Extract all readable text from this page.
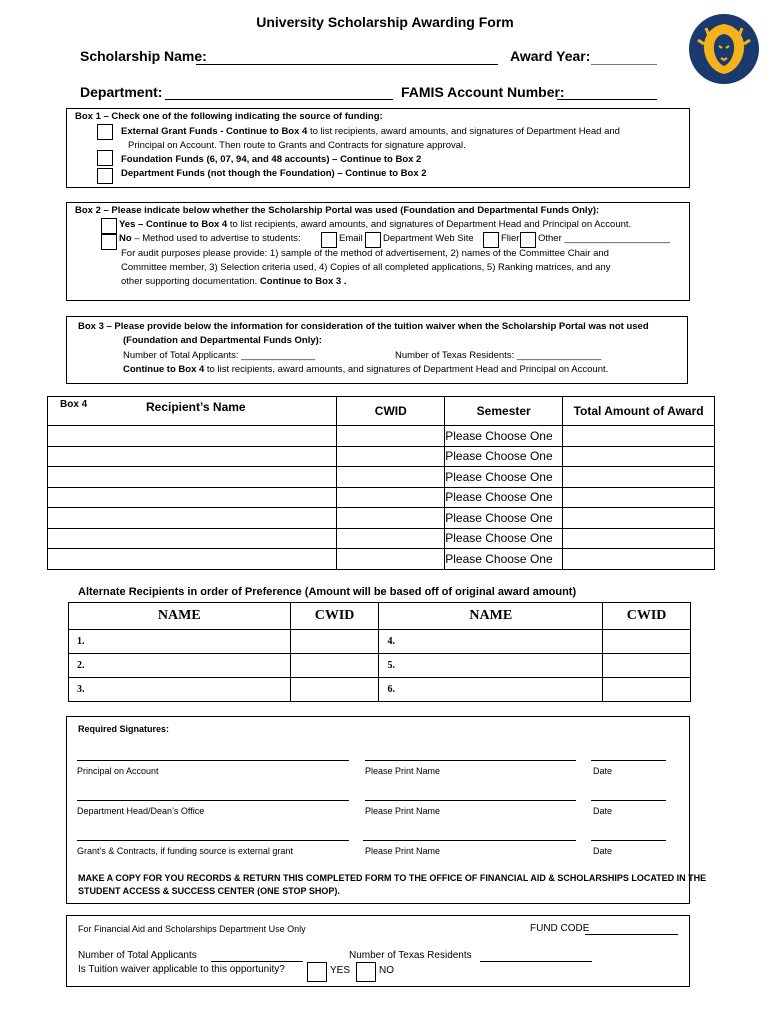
University Scholarship Awarding Form
Scholarship Name:	Award Year:
Department:	FAMIS Account Number:
Box 1 – Check one of the following indicating the source of funding:
External Grant Funds - Continue to Box 4 to list recipients, award amounts, and signatures of Department Head and
Principal on Account. Then route to Grants and Contracts for signature approval.
Foundation Funds (6, 07, 94, and 48 accounts) – Continue to Box 2
Department Funds (not though the Foundation) – Continue to Box 2
Box 2 – Please indicate below whether the Scholarship Portal was used (Foundation and Departmental Funds Only):
Yes – Continue to Box 4 to list recipients, award amounts, and signatures of Department Head and Principal on Account.
No – Method used to advertise to students:	Email Department Web Site	Flier Other ____________________
For audit purposes please provide: 1) sample of the method of advertisement, 2) names of the Committee Chair and
Committee member, 3) Selection criteria used, 4) Copies of all completed applications, 5) Ranking matrices, and any
other supporting documentation. Continue to Box 3 .
Box 3 – Please provide below the information for consideration of the tuition waiver when the Scholarship Portal was not used
(Foundation and Departmental Funds Only):
Number of Total Applicants: ______________	Number of Texas Residents: ________________
Continue to Box 4 to list recipients, award amounts, and signatures of Department Head and Principal on Account.
Box 4 Recipient’s Name	CWID	Semester	Total Amount of Award
		Please Choose One	
		Please Choose One	
		Please Choose One	
		Please Choose One	
		Please Choose One	
		Please Choose One	
		Please Choose One	
Alternate Recipients in order of Preference (Amount will be based off of original award amount)
NAME	CWID	NAME	CWID
1.		4.	
2.		5.	
3.		6.	
Required Signatures:
Principal on Account	Please Print Name	Date
Department Head/Dean’s Office	Please Print Name	Date
Grant’s & Contracts, if funding source is external grant	Please Print Name	Date
MAKE A COPY FOR YOU RECORDS & RETURN THIS COMPLETED FORM TO THE OFFICE OF FINANCIAL AID & SCHOLARSHIPS LOCATED IN THE
STUDENT ACCESS & SUCCESS CENTER (ONE STOP SHOP).
For Financial Aid and Scholarships Department Use Only	FUND CODE
Number of Total Applicants	Number of Texas Residents
Is Tuition waiver applicable to this opportunity?	YES	NO
